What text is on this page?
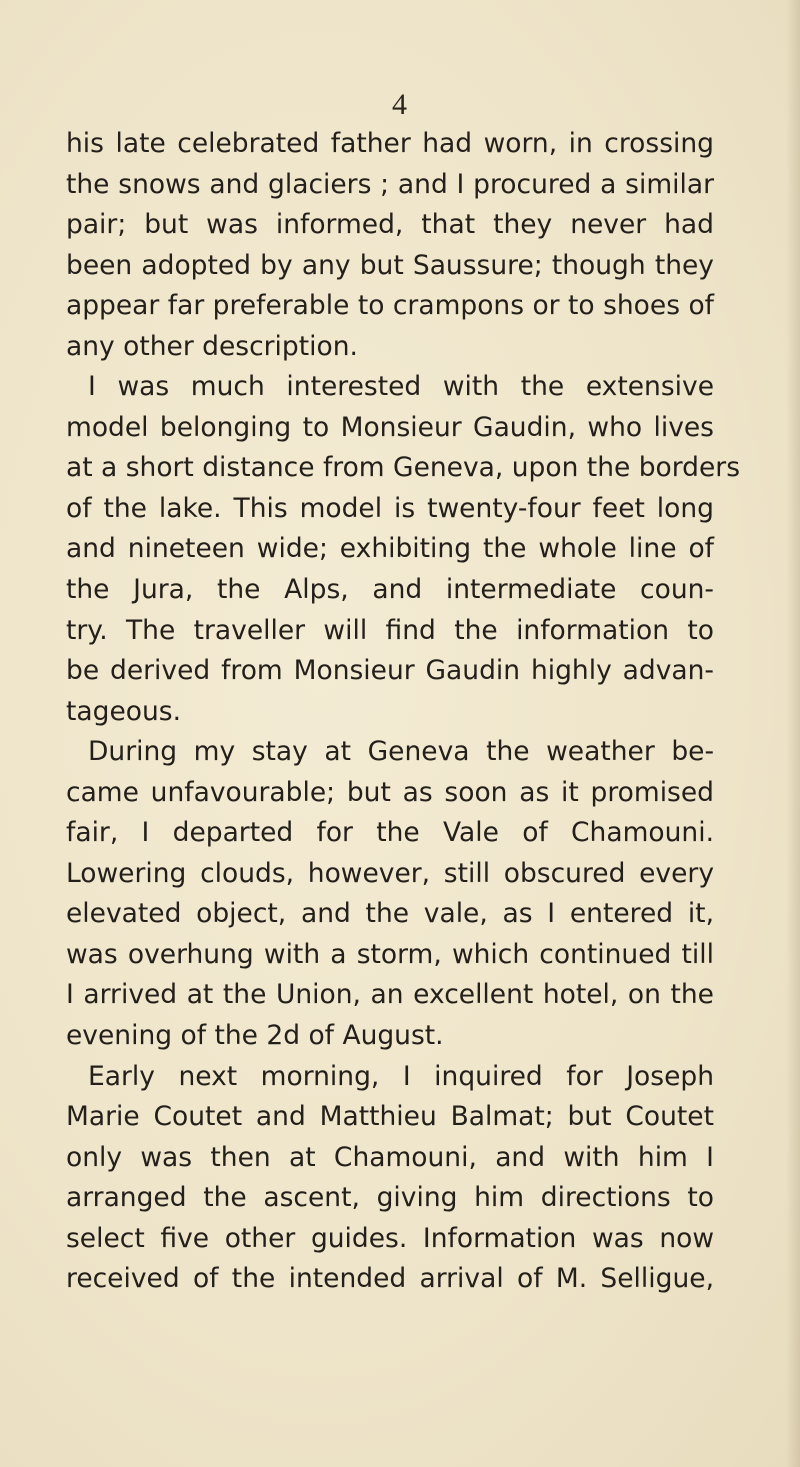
4
his late celebrated father had worn, in crossing
the snows and glaciers ; and I procured a similar
pair; but was informed, that they never had
been adopted by any but Saussure; though they
appear far preferable to crampons or to shoes of
any other description.
I was much interested with the extensive
model belonging to Monsieur Gaudin, who lives
at a short distance from Geneva, upon the borders
of the lake. This model is twenty-four feet long
and nineteen wide; exhibiting the whole line of
the Jura, the Alps, and intermediate coun-
try. The traveller will find the information to
be derived from Monsieur Gaudin highly advan-
tageous.
During my stay at Geneva the weather be-
came unfavourable; but as soon as it promised
fair, I departed for the Vale of Chamouni.
Lowering clouds, however, still obscured every
elevated object, and the vale, as I entered it,
was overhung with a storm, which continued till
I arrived at the Union, an excellent hotel, on the
evening of the 2d of August.
Early next morning, I inquired for Joseph
Marie Coutet and Matthieu Balmat; but Coutet
only was then at Chamouni, and with him I
arranged the ascent, giving him directions to
select five other guides. Information was now
received of the intended arrival of M. Selligue,
